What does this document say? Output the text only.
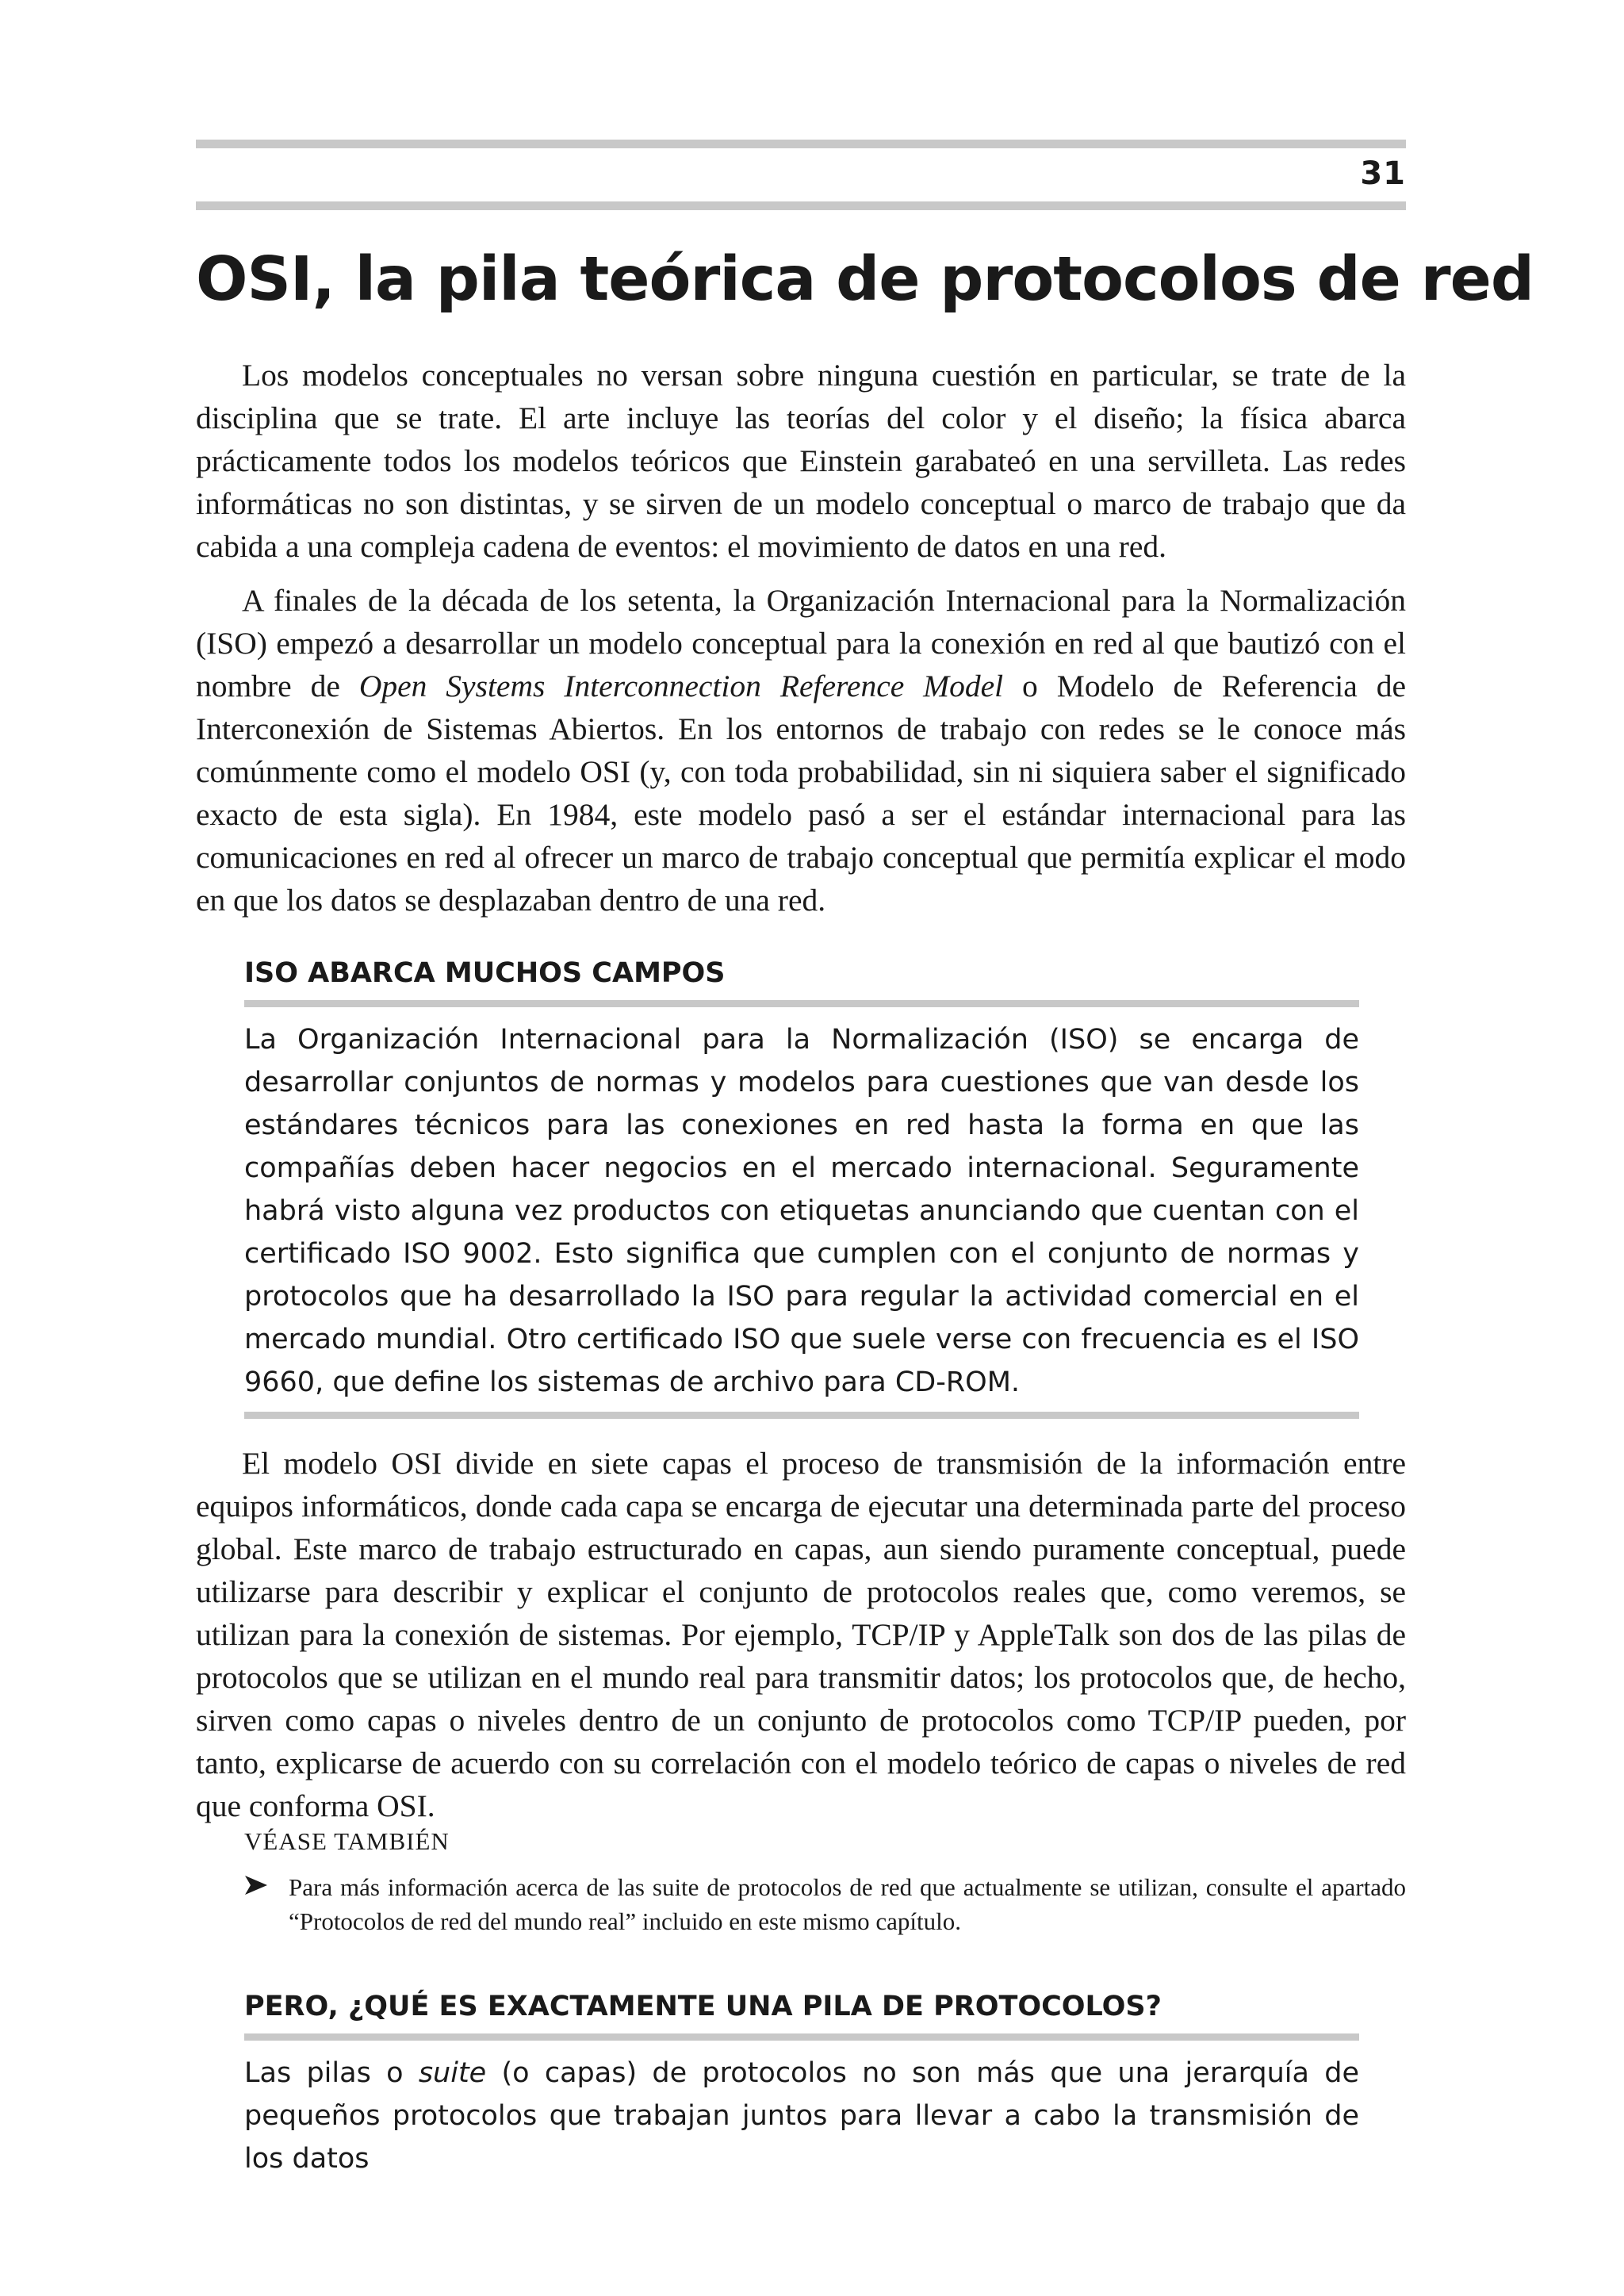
31
OSI, la pila teórica de protocolos de red

Los modelos conceptuales no versan sobre ninguna cuestión en particular, se trate de la disciplina que se trate. El arte incluye las teorías del color y el diseño; la física abarca prácticamente todos los modelos teóricos que Einstein garabateó en una servilleta. Las redes informáticas no son distintas, y se sirven de un modelo conceptual o marco de trabajo que da cabida a una compleja cadena de eventos: el movimiento de datos en una red.

A finales de la década de los setenta, la Organización Internacional para la Normalización (ISO) empezó a desarrollar un modelo conceptual para la conexión en red al que bautizó con el nombre de Open Systems Interconnection Reference Model o Modelo de Referencia de Interconexión de Sistemas Abiertos. En los entornos de trabajo con redes se le conoce más comúnmente como el modelo OSI (y, con toda probabilidad, sin ni siquiera saber el significado exacto de esta sigla). En 1984, este modelo pasó a ser el estándar internacional para las comunicaciones en red al ofrecer un marco de trabajo conceptual que permitía explicar el modo en que los datos se desplazaban dentro de una red.

ISO ABARCA MUCHOS CAMPOS

La Organización Internacional para la Normalización (ISO) se encarga de desarrollar conjuntos de normas y modelos para cuestiones que van desde los estándares técnicos para las conexiones en red hasta la forma en que las compañías deben hacer negocios en el mercado internacional. Seguramente habrá visto alguna vez productos con etiquetas anunciando que cuentan con el certificado ISO 9002. Esto significa que cumplen con el conjunto de normas y protocolos que ha desarrollado la ISO para regular la actividad comercial en el mercado mundial. Otro certificado ISO que suele verse con frecuencia es el ISO 9660, que define los sistemas de archivo para CD-ROM.

El modelo OSI divide en siete capas el proceso de transmisión de la información entre equipos informáticos, donde cada capa se encarga de ejecutar una determinada parte del proceso global. Este marco de trabajo estructurado en capas, aun siendo puramente conceptual, puede utilizarse para describir y explicar el conjunto de protocolos reales que, como veremos, se utilizan para la conexión de sistemas. Por ejemplo, TCP/IP y AppleTalk son dos de las pilas de protocolos que se utilizan en el mundo real para transmitir datos; los protocolos que, de hecho, sirven como capas o niveles dentro de un conjunto de protocolos como TCP/IP pueden, por tanto, explicarse de acuerdo con su correlación con el modelo teórico de capas o niveles de red que conforma OSI.

VÉASE TAMBIÉN
Para más información acerca de las suite de protocolos de red que actualmente se utilizan, consulte el apartado “Protocolos de red del mundo real” incluido en este mismo capítulo.
PERO, ¿QUÉ ES EXACTAMENTE UNA PILA DE PROTOCOLOS?

Las pilas o suite (o capas) de protocolos no son más que una jerarquía de pequeños protocolos que trabajan juntos para llevar a cabo la transmisión de los datos
